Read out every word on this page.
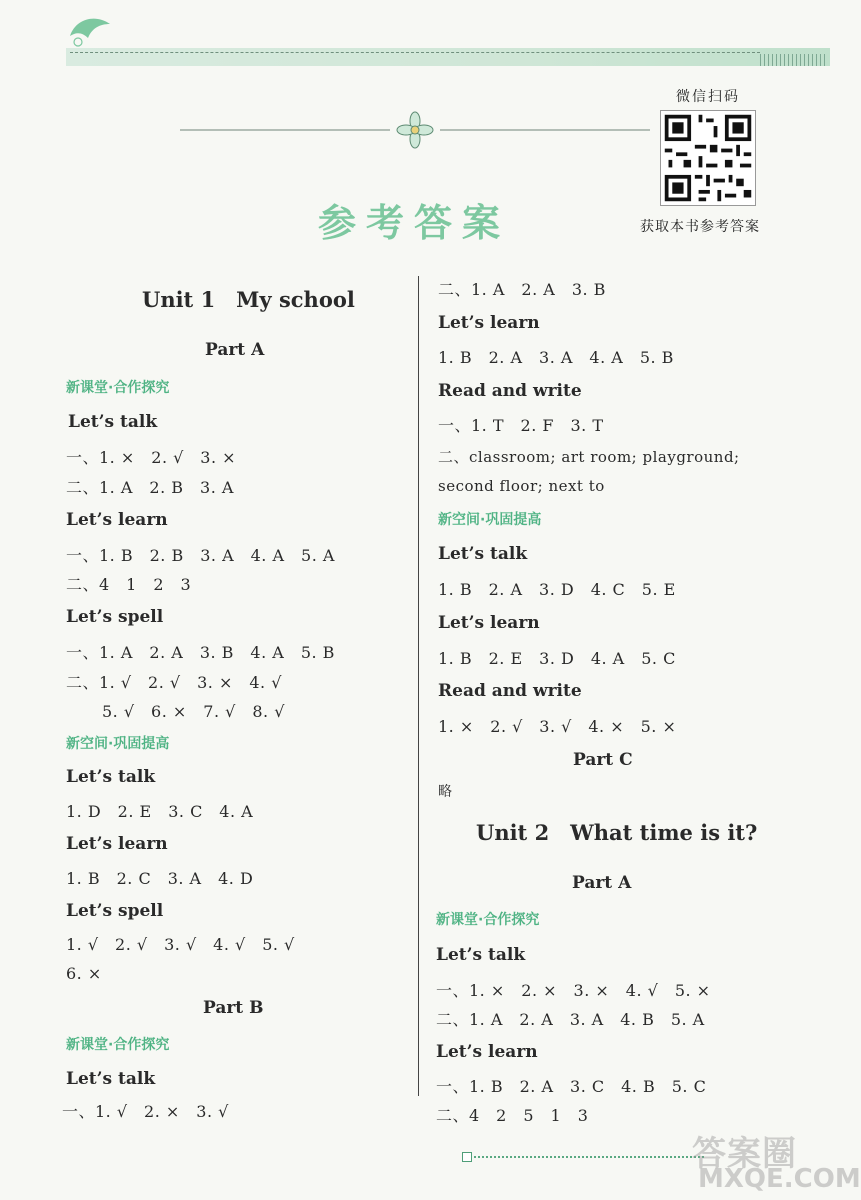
参考答案
微信扫码
获取本书参考答案
Unit 1　My school
Part A
新课堂·合作探究
Let’s talk
一、1. ×　2. √　3. ×
二、1. A　2. B　3. A
Let’s learn
一、1. B　2. B　3. A　4. A　5. A
二、4　1　2　3
Let’s spell
一、1. A　2. A　3. B　4. A　5. B
二、1. √　2. √　3. ×　4. √
5. √　6. ×　7. √　8. √
新空间·巩固提高
Let’s talk
1. D　2. E　3. C　4. A
Let’s learn
1. B　2. C　3. A　4. D
Let’s spell
1. √　2. √　3. √　4. √　5. √
6. ×
Part B
新课堂·合作探究
Let’s talk
一、1. √　2. ×　3. √
二、1. A　2. A　3. B
Let’s learn
1. B　2. A　3. A　4. A　5. B
Read and write
一、1. T　2. F　3. T
二、classroom; art room; playground;
second floor; next to
新空间·巩固提高
Let’s talk
1. B　2. A　3. D　4. C　5. E
Let’s learn
1. B　2. E　3. D　4. A　5. C
Read and write
1. ×　2. √　3. √　4. ×　5. ×
Part C
略
Unit 2　What time is it?
Part A
新课堂·合作探究
Let’s talk
一、1. ×　2. ×　3. ×　4. √　5. ×
二、1. A　2. A　3. A　4. B　5. A
Let’s learn
一、1. B　2. A　3. C　4. B　5. C
二、4　2　5　1　3
答案圈
MXQE.COM
